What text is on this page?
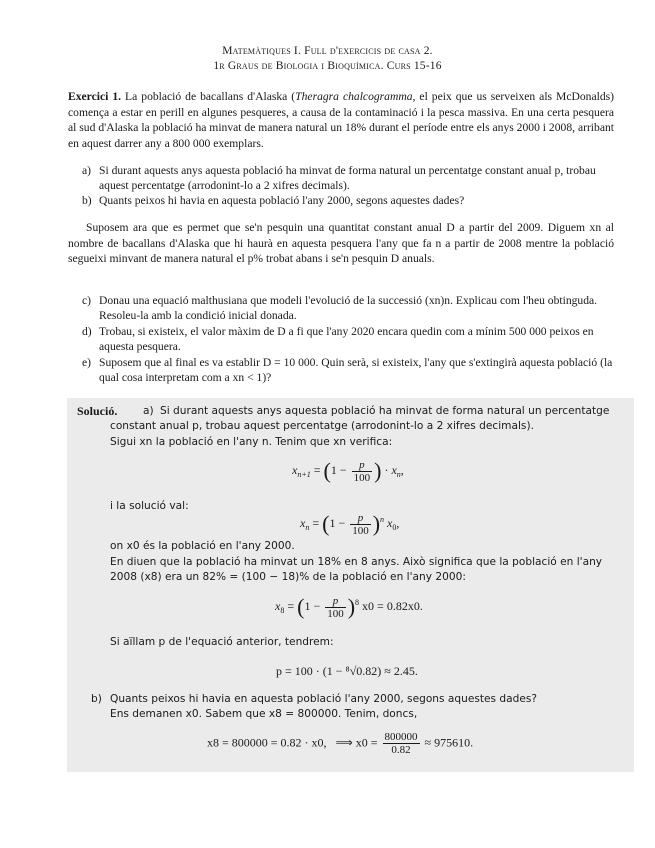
Matemàtiques I. Full d'exercicis de casa 2.
1r Graus de Biologia i Bioquímica. Curs 15-16
Exercici 1. La població de bacallans d'Alaska (Theragra chalcogramma, el peix que us serveixen als McDonalds) comença a estar en perill en algunes pesqueres, a causa de la contaminació i la pesca massiva. En una certa pesquera al sud d'Alaska la població ha minvat de manera natural un 18% durant el període entre els anys 2000 i 2008, arribant en aquest darrer any a 800 000 exemplars.
a) Si durant aquests anys aquesta població ha minvat de forma natural un percentatge constant anual p, trobau aquest percentatge (arrodonint-lo a 2 xifres decimals).
b) Quants peixos hi havia en aquesta població l'any 2000, segons aquestes dades?
Suposem ara que es permet que se'n pesquin una quantitat constant anual D a partir del 2009. Diguem xn al nombre de bacallans d'Alaska que hi haurà en aquesta pesquera l'any que fa n a partir de 2008 mentre la població segueixi minvant de manera natural el p% trobat abans i se'n pesquin D anuals.
c) Donau una equació malthusiana que modeli l'evolució de la successió (xn)n. Explicau com l'heu obtinguda. Resoleu-la amb la condició inicial donada.
d) Trobau, si existeix, el valor màxim de D a fi que l'any 2020 encara quedin com a mínim 500 000 peixos en aquesta pesquera.
e) Suposem que al final es va establir D = 10 000. Quin serà, si existeix, l'any que s'extingirà aquesta població (la qual cosa interpretam com a xn < 1)?
Solució. a) Si durant aquests anys aquesta població ha minvat de forma natural un percentatge
constant anual p, trobau aquest percentatge (arrodonint-lo a 2 xifres decimals).
Sigui xn la població en l'any n. Tenim que xn verifica:
$x_{n+1} = (1 - \frac{p}{100}$ ) · $x_n$,
i la solució val:
$x_n = (1 - \frac{p}{100} )^n$ $x_0$,
on x0 és la població en l'any 2000.
En diuen que la població ha minvat un 18% en 8 anys. Això significa que la població en l'any
2008 (x8) era un 82% = (100 − 18)% de la població en l'any 2000:
$x_8 = (1 - \frac{p}{100} )^8$ x0 = 0.82x0.
Si aïllam p de l'equació anterior, tendrem:
p = 100 · (1 − ⁸√0.82) ≈ 2.45.
b) Quants peixos hi havia en aquesta població l'any 2000, segons aquestes dades?
Ens demanen x0. Sabem que x8 = 800000. Tenim, doncs,
x8 = 800000 = 0.82 · x0, ⟹ $x0 = \frac{800000}{0.82} \approx 975610$.
